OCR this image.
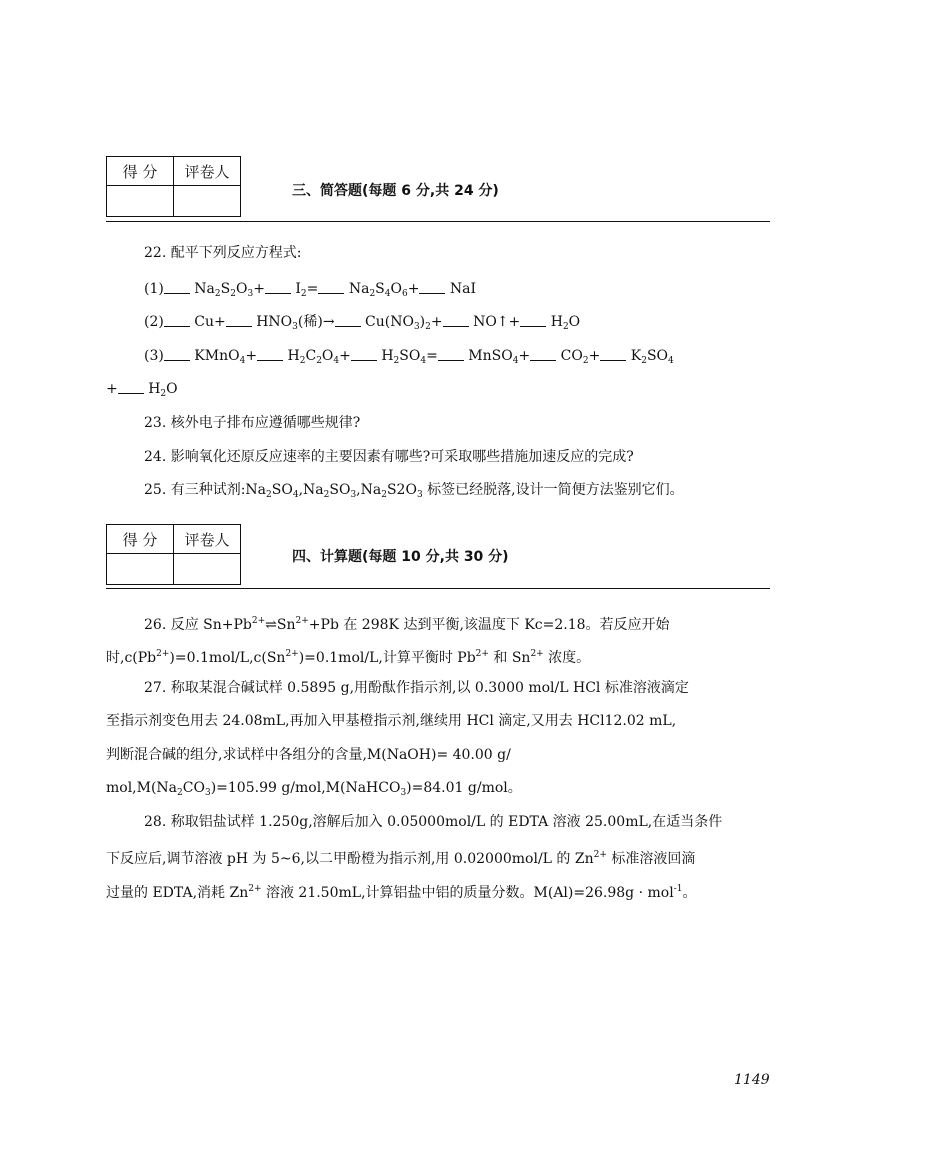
得 分	评卷人

三、简答题(每题 6 分,共 24 分)
22. 配平下列反应方程式:
(1) $Na_2S_2O_3+ I_2= Na_2S_4O_6+$ NaI
(2) $Cu+ HNO_3$(稀)→ $Cu(NO_3)_2+$ NO↑+ $H_2O$
(3) KMnO$_4$+ $H_2C_2O_4+ H_2SO_4=$ MnSO$_4$+ $CO_2+ K_2SO_4$
+ $H_2O$
23. 核外电子排布应遵循哪些规律?
24. 影响氧化还原反应速率的主要因素有哪些?可采取哪些措施加速反应的完成?
25. 有三种试剂$:Na_2SO_4,Na_2SO_3,Na_2S2O_3$ 标签已经脱落,设计一简便方法鉴别它们。
得 分	评卷人

四、计算题(每题 10 分,共 30 分)
26. 反应 $Sn+Pb^{2+}\rightleftharpoons Sn^{2+}+Pb$ 在 298K 达到平衡,该温度下 Kc=2.18。若反应开始
时$,c(Pb^{2+})=0.1mol/L,c(Sn^{2+})=0.1mol/L$,计算平衡时 $Pb^{2+}$ 和 $Sn^{2+}$ 浓度。
27. 称取某混合碱试样 0.5895 g,用酚酞作指示剂,以 0.3000 mol/L HCl 标准溶液滴定
至指示剂变色用去 24.08mL,再加入甲基橙指示剂,继续用 HCl 滴定,又用去 HCl12.02 mL,
判断混合碱的组分,求试样中各组分的含量,M(NaOH)= 40.00 g/
$mol,M(Na_2CO_3)=105.99$ g/mol,M(NaHCO$_3$)=84.01 g/mol。
28. 称取铝盐试样 1.250g,溶解后加入 0.05000mol/L 的 EDTA 溶液 25.00mL,在适当条件
下反应后,调节溶液 pH 为 5~6,以二甲酚橙为指示剂,用 0.02000mol/L 的 $Zn^{2+}$ 标准溶液回滴
过量的 EDTA,消耗 $Zn^{2+}$ 溶液 21.50mL,计算铝盐中铝的质量分数。M(Al)=26.98g · mol$^{-1}$。
1149
